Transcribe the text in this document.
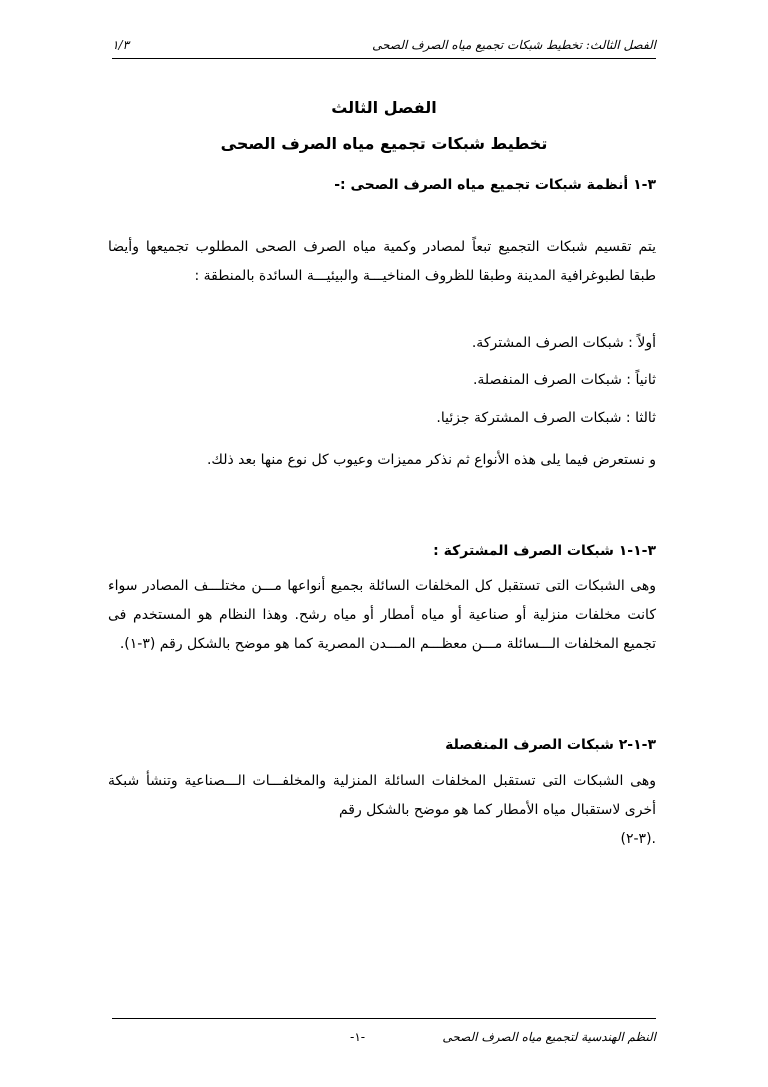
الفصل الثالث: تخطيط شبكات تجميع مياه الصرف الصحى
١/٣
الفصل الثالث
تخطيط شبكات تجميع مياه الصرف الصحى
٣-١ أنظمة شبكات تجميع مياه الصرف الصحى :-
يتم تقسيم شبكات التجميع تبعاً لمصادر وكمية مياه الصرف الصحى المطلوب تجميعها وأيضا طبقا لطبوغرافية المدينة وطبقا للظروف المناخيـــة والبيئيـــة السائدة بالمنطقة :
أولاً : شبكات الصرف المشتركة.
ثانياً : شبكات الصرف المنفصلة.
ثالثا : شبكات الصرف المشتركة جزئيا.
و نستعرض فيما يلى هذه الأنواع ثم نذكر مميزات وعيوب كل نوع منها بعد ذلك.
٣-١-١ شبكات الصرف المشتركة :
وهى الشبكات التى تستقبل كل المخلفات السائلة بجميع أنواعها مـــن مختلـــف المصادر سواء كانت مخلفات منزلية أو صناعية أو مياه أمطار أو مياه رشح. وهذا النظام هو المستخدم فى تجميع المخلفات الـــسائلة مـــن معظـــم المـــدن المصرية كما هو موضح بالشكل رقم (٣-١).
٣-١-٢ شبكات الصرف المنفصلة
وهى الشبكات التى تستقبل المخلفات السائلة المنزلية والمخلفـــات الـــصناعية وتنشأ شبكة أخرى لاستقبال مياه الأمطار كما هو موضح بالشكل رقم
.(٣-٢)
النظم الهندسية لتجميع مياه الصرف الصحى
-١-
